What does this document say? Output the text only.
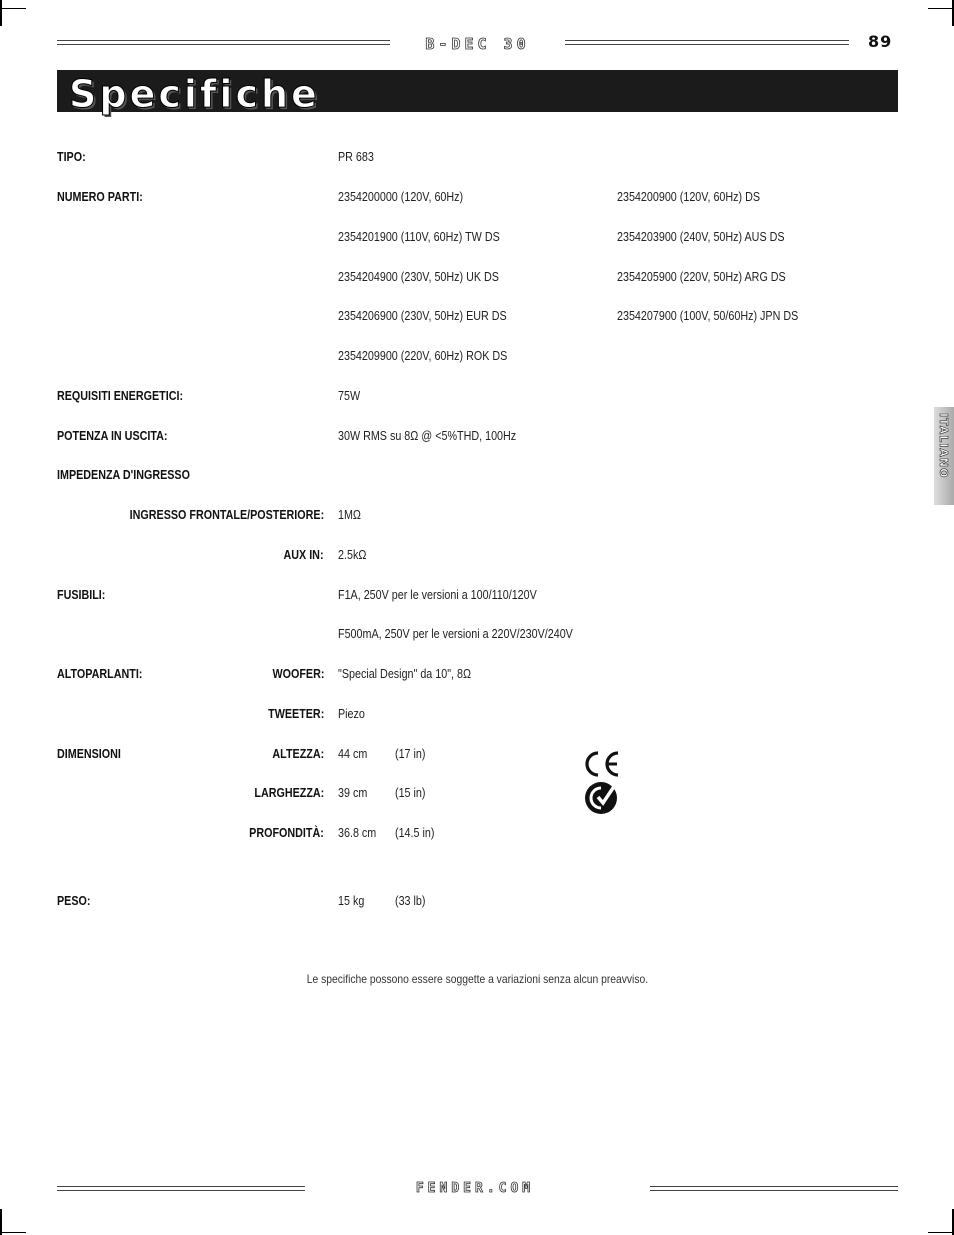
B-DEC 30	89
Specifiche
ITALIANO
TIPO:	PR 683
NUMERO PARTI:	2354200000 (120V, 60Hz)	2354200900 (120V, 60Hz) DS
2354201900 (110V, 60Hz) TW DS	2354203900 (240V, 50Hz) AUS DS
2354204900 (230V, 50Hz) UK DS	2354205900 (220V, 50Hz) ARG DS
2354206900 (230V, 50Hz) EUR DS	2354207900 (100V, 50/60Hz) JPN DS
2354209900 (220V, 60Hz) ROK DS
REQUISITI ENERGETICI:	75W
POTENZA IN USCITA:	30W RMS su 8Ω @ <5%THD, 100Hz
IMPEDENZA D'INGRESSO
INGRESSO FRONTALE/POSTERIORE: 1MΩ
AUX IN: 2.5kΩ
FUSIBILI:	F1A, 250V per le versioni a 100/110/120V
F500mA, 250V per le versioni a 220V/230V/240V
ALTOPARLANTI:	WOOFER: "Special Design" da 10", 8Ω
TWEETER: Piezo
DIMENSIONI	ALTEZZA: 44 cm (17 in)
LARGHEZZA: 39 cm (15 in)
PROFONDITÀ: 36.8 cm (14.5 in)
PESO:	15 kg (33 lb)
Le specifiche possono essere soggette a variazioni senza alcun preavviso.
FENDER.COM
